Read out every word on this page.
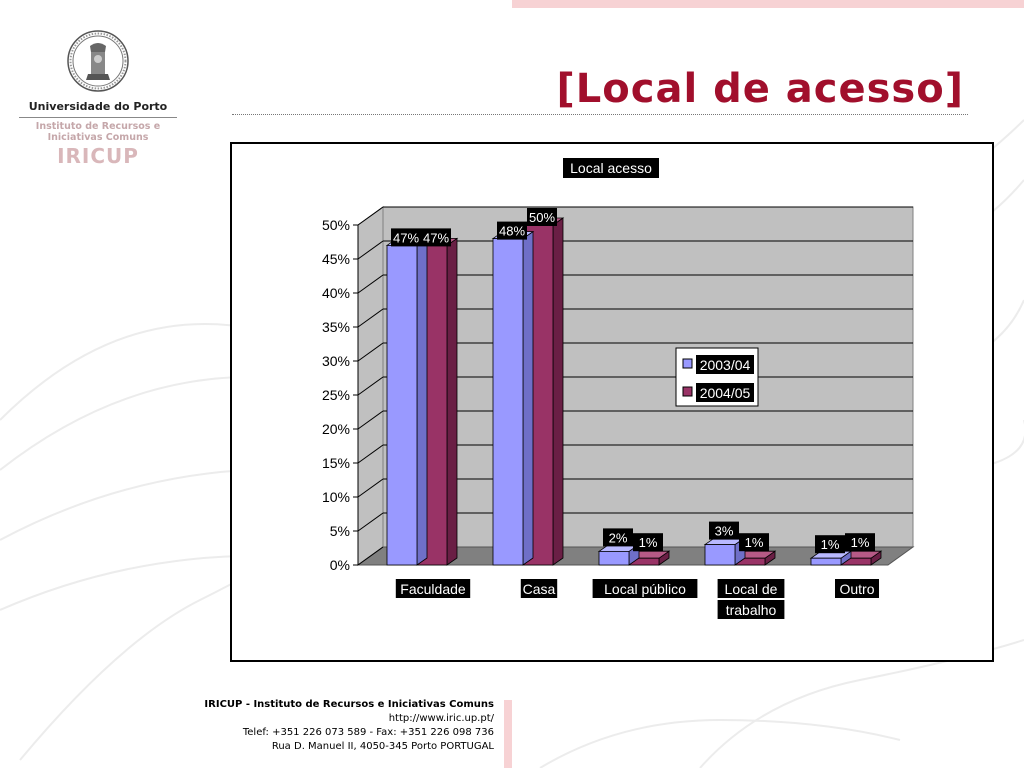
Universidade do Porto
Instituto de Recursos e
Iniciativas Comuns
IRICUP
[Local de acesso]
0%
5%
10%
15%
20%
25%
30%
35%
40%
45%
50%
47% 47%	48%
50%
2% 1%
3%
1%	1% 1%
Faculdade	Casa	Local público	Local de
trabalho
Outro
Local acesso
2003/04
2004/05
IRICUP - Instituto de Recursos e Iniciativas Comuns
http://www.iric.up.pt/
Telef: +351 226 073 589 - Fax: +351 226 098 736
Rua D. Manuel II, 4050-345 Porto PORTUGAL
